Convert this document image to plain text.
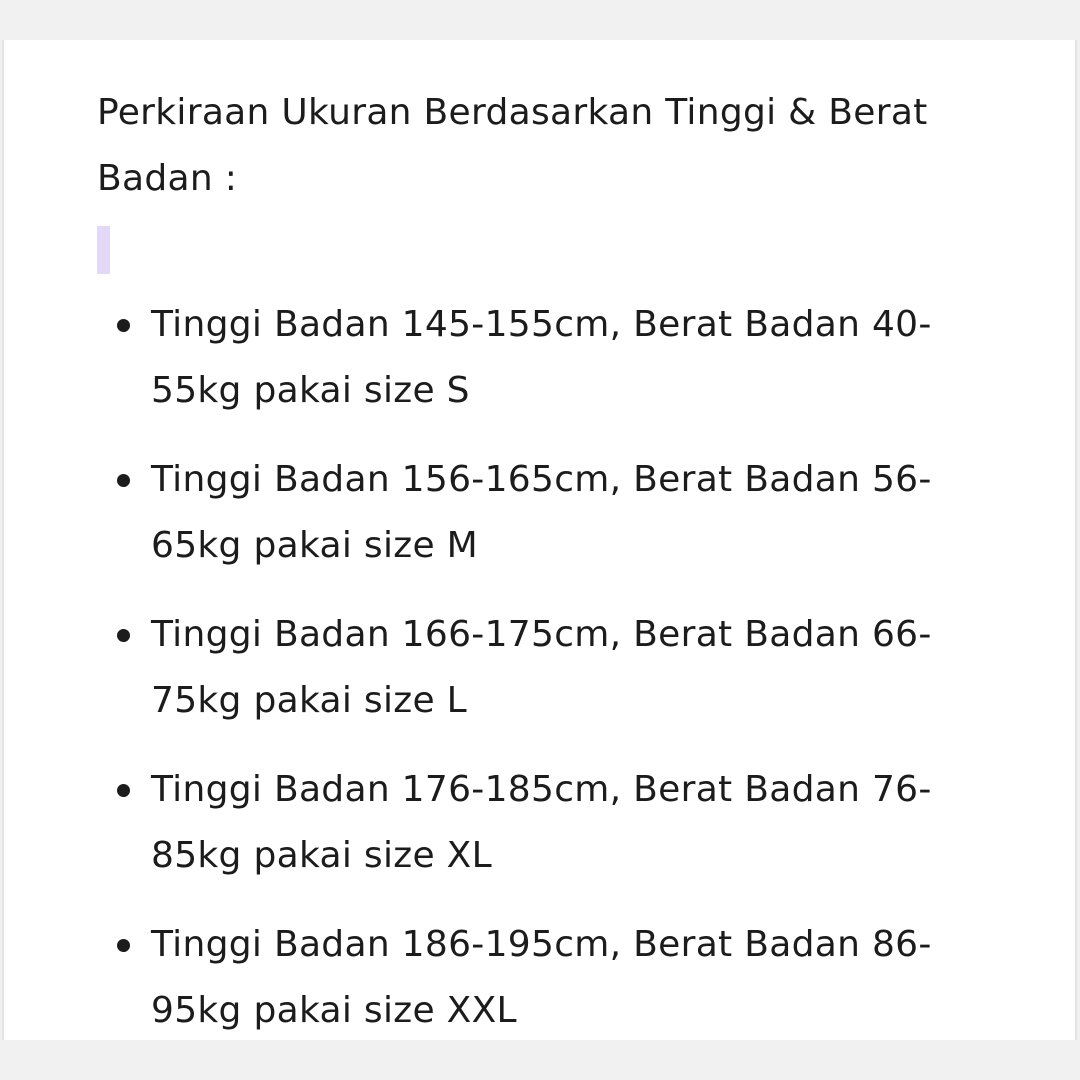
Perkiraan Ukuran Berdasarkan Tinggi & Berat Badan :

Tinggi Badan 145-155cm, Berat Badan 40-55kg pakai size S
Tinggi Badan 156-165cm, Berat Badan 56-65kg pakai size M
Tinggi Badan 166-175cm, Berat Badan 66-75kg pakai size L
Tinggi Badan 176-185cm, Berat Badan 76-85kg pakai size XL
Tinggi Badan 186-195cm, Berat Badan 86-95kg pakai size XXL
